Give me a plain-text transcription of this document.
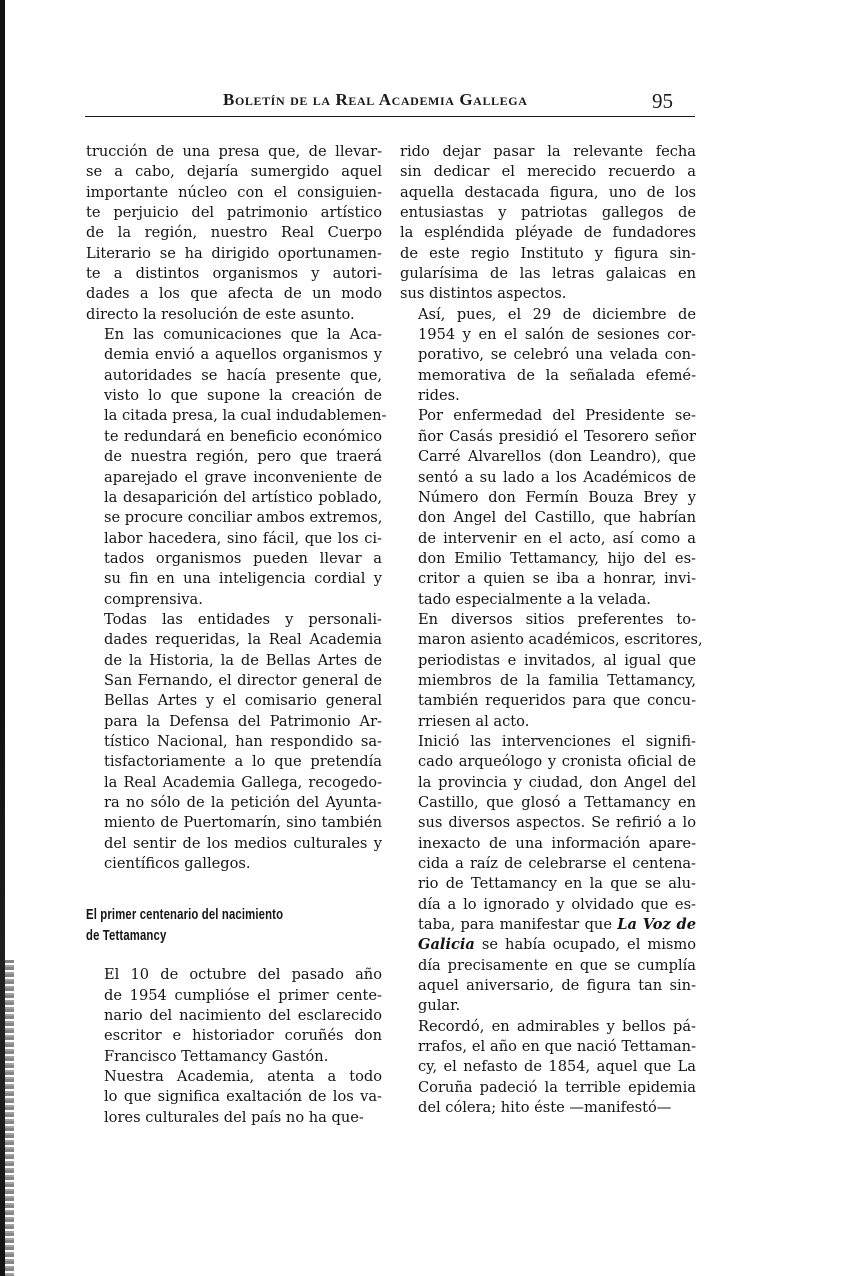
Boletín de la Real Academia Gallega	95

trucción de una presa que, de llevar-
se a cabo, dejaría sumergido aquel
importante núcleo con el consiguien-
te perjuicio del patrimonio artístico
de la región, nuestro Real Cuerpo
Literario se ha dirigido oportunamen-
te a distintos organismos y autori-
dades a los que afecta de un modo
directo la resolución de este asunto.

En las comunicaciones que la Aca-
demia envió a aquellos organismos y
autoridades se hacía presente que,
visto lo que supone la creación de
la citada presa, la cual indudablemen-
te redundará en beneficio económico
de nuestra región, pero que traerá
aparejado el grave inconveniente de
la desaparición del artístico poblado,
se procure conciliar ambos extremos,
labor hacedera, sino fácil, que los ci-
tados organismos pueden llevar a
su fin en una inteligencia cordial y
comprensiva.

Todas las entidades y personali-
dades requeridas, la Real Academia
de la Historia, la de Bellas Artes de
San Fernando, el director general de
Bellas Artes y el comisario general
para la Defensa del Patrimonio Ar-
tístico Nacional, han respondido sa-
tisfactoriamente a lo que pretendía
la Real Academia Gallega, recogedo-
ra no sólo de la petición del Ayunta-
miento de Puertomarín, sino también
del sentir de los medios culturales y
científicos gallegos.

El primer centenario del nacimiento
de Tettamancy

El 10 de octubre del pasado año
de 1954 cumplióse el primer cente-
nario del nacimiento del esclarecido
escritor e historiador coruñés don
Francisco Tettamancy Gastón.

Nuestra Academia, atenta a todo
lo que significa exaltación de los va-
lores culturales del país no ha que-

rido dejar pasar la relevante fecha
sin dedicar el merecido recuerdo a
aquella destacada figura, uno de los
entusiastas y patriotas gallegos de
la espléndida pléyade de fundadores
de este regio Instituto y figura sin-
gularísima de las letras galaicas en
sus distintos aspectos.

Así, pues, el 29 de diciembre de
1954 y en el salón de sesiones cor-
porativo, se celebró una velada con-
memorativa de la señalada efemé-
rides.

Por enfermedad del Presidente se-
ñor Casás presidió el Tesorero señor
Carré Alvarellos (don Leandro), que
sentó a su lado a los Académicos de
Número don Fermín Bouza Brey y
don Angel del Castillo, que habrían
de intervenir en el acto, así como a
don Emilio Tettamancy, hijo del es-
critor a quien se iba a honrar, invi-
tado especialmente a la velada.

En diversos sitios preferentes to-
maron asiento académicos, escritores,
periodistas e invitados, al igual que
miembros de la familia Tettamancy,
también requeridos para que concu-
rriesen al acto.

Inició las intervenciones el signifi-
cado arqueólogo y cronista oficial de
la provincia y ciudad, don Angel del
Castillo, que glosó a Tettamancy en
sus diversos aspectos. Se refirió a lo
inexacto de una información apare-
cida a raíz de celebrarse el centena-
rio de Tettamancy en la que se alu-
día a lo ignorado y olvidado que es-
taba, para manifestar que La Voz de
Galicia se había ocupado, el mismo
día precisamente en que se cumplía
aquel aniversario, de figura tan sin-
gular.

Recordó, en admirables y bellos pá-
rrafos, el año en que nació Tettaman-
cy, el nefasto de 1854, aquel que La
Coruña padeció la terrible epidemia
del cólera; hito éste —manifestó—
